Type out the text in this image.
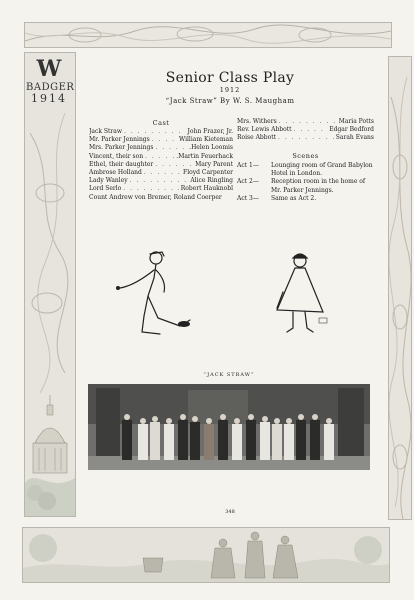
W
BADGER
1914
Senior Class Play
1912
“Jack Straw” By W. S. Maugham
Cast
Jack Straw . . .	John Frazer, Jr.
Mr. Parker Jennings . . .	William Kieteman
Mrs. Parker Jennings . . .	.Helen Loomis
Vincent, their son . . .	.Martin Feuerhack
Ethel, their daughter . . .	Mary Parent
Ambrose Holland . . .	Floyd Carpenter
Lady Wanley . . .	Alice Ringling
Lord Serlo . . .	Robert Hauknobl
Count Andrew von Bremer, Roland Coerper
Mrs. Withers . . .	Maria Potts
Rev. Lewis Abbott . . .	Edgar Bedford
Roise Abbott . . .	Sarah Evans
Scenes
Act 1—	Lounging room of Grand Babylon Hotel in London.
Act 2—	Reception room in the home of Mr. Parker Jennings.
Act 3—	Same as Act 2.
“JACK STRAW”
348
